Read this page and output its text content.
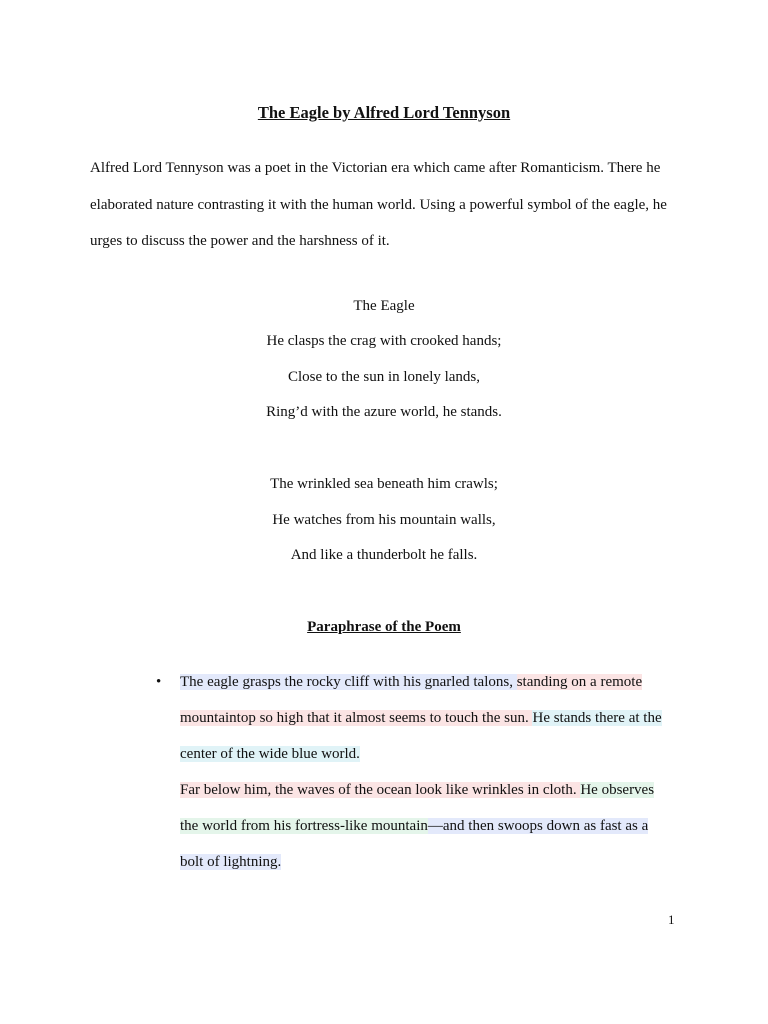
The Eagle by Alfred Lord Tennyson
Alfred Lord Tennyson was a poet in the Victorian era which came after Romanticism. There he
elaborated nature contrasting it with the human world. Using a powerful symbol of the eagle, he
urges to discuss the power and the harshness of it.
The Eagle
He clasps the crag with crooked hands;
Close to the sun in lonely lands,
Ring’d with the azure world, he stands.
The wrinkled sea beneath him crawls;
He watches from his mountain walls,
And like a thunderbolt he falls.
Paraphrase of the Poem
• The eagle grasps the rocky cliff with his gnarled talons, standing on a remote
mountaintop so high that it almost seems to touch the sun. He stands there at the
center of the wide blue world.
Far below him, the waves of the ocean look like wrinkles in cloth. He observes
the world from his fortress-like mountain—and then swoops down as fast as a
bolt of lightning.
1
